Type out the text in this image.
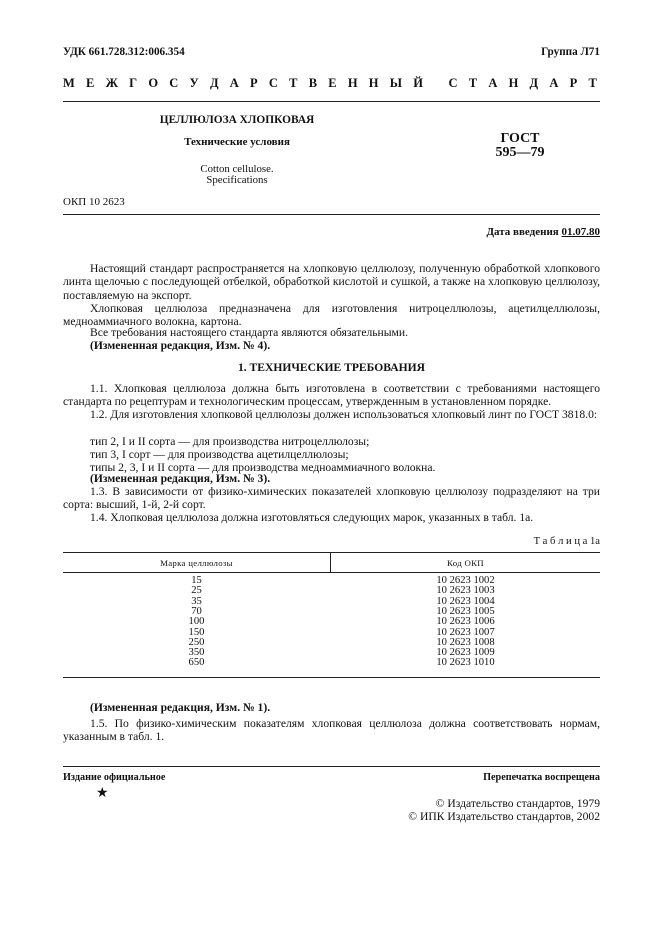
УДК 661.728.312:006.354	Группа Л71
М Е Ж Г О С У Д А Р С Т В Е Н Н Ы Й   С Т А Н Д А Р Т
ЦЕЛЛЮЛОЗА ХЛОПКОВАЯ
Технические условия
Cotton cellulose.
Specifications
ГОСТ
595—79
ОКП 10 2623
Дата введения 01.07.80
Настоящий стандарт распространяется на хлопковую целлюлозу, полученную обработкой хлопкового линта щелочью с последующей отбелкой, обработкой кислотой и сушкой, а также на хлопковую целлюлозу, поставляемую на экспорт.
Хлопковая целлюлоза предназначена для изготовления нитроцеллюлозы, ацетилцеллюлозы, медноаммиачного волокна, картона.
Все требования настоящего стандарта являются обязательными.
(Измененная редакция, Изм. № 4).
1. ТЕХНИЧЕСКИЕ ТРЕБОВАНИЯ
1.1. Хлопковая целлюлоза должна быть изготовлена в соответствии с требованиями настоящего стандарта по рецептурам и технологическим процессам, утвержденным в установленном порядке.
1.2. Для изготовления хлопковой целлюлозы должен использоваться хлопковый линт по ГОСТ 3818.0:
тип 2, I и II сорта — для производства нитроцеллюлозы;
тип 3, I сорт — для производства ацетилцеллюлозы;
типы 2, 3, I и II сорта — для производства медноаммиачного волокна.
(Измененная редакция, Изм. № 3).
1.3. В зависимости от физико-химических показателей хлопковую целлюлозу подразделяют на три сорта: высший, 1-й, 2-й сорт.
1.4. Хлопковая целлюлоза должна изготовляться следующих марок, указанных в табл. 1а.
Т а б л и ц а 1а
Марка целлюлозы	Код ОКП
15	10 2623 1002
25	10 2623 1003
35	10 2623 1004
70	10 2623 1005
100	10 2623 1006
150	10 2623 1007
250	10 2623 1008
350	10 2623 1009
650	10 2623 1010
(Измененная редакция, Изм. № 1).
1.5. По физико-химическим показателям хлопковая целлюлоза должна соответствовать нормам, указанным в табл. 1.
Издание официальное	Перепечатка воспрещена
★
© Издательство стандартов, 1979
© ИПК Издательство стандартов, 2002
